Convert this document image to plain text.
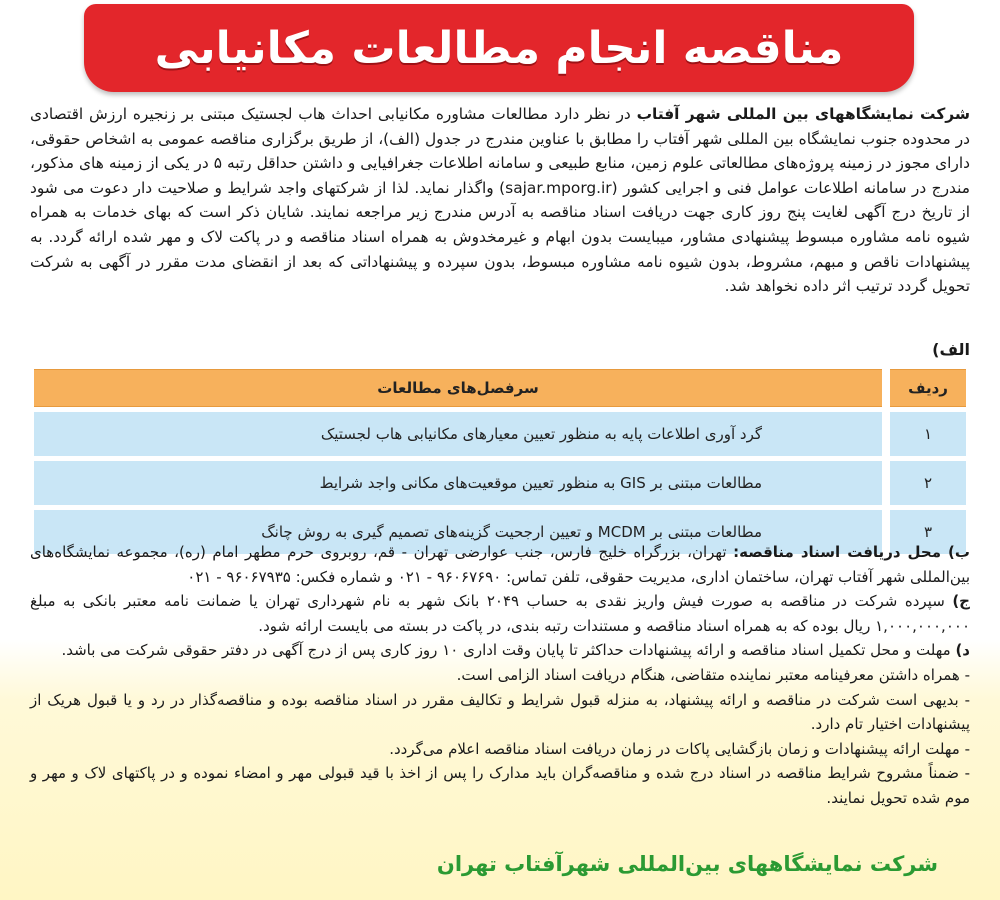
مناقصه انجام مطالعات مکانیابی
شرکت نمایشگاههای بین المللی شهر آفتاب در نظر دارد مطالعات مشاوره مکانیابی احداث هاب لجستیک مبتنی بر زنجیره ارزش اقتصادی در محدوده جنوب نمایشگاه بین المللی شهر آفتاب را مطابق با عناوین مندرج در جدول (الف)، از طریق برگزاری مناقصه عمومی به اشخاص حقوقی، دارای مجوز در زمینه پروژه‌های مطالعاتی علوم زمین، منابع طبیعی و سامانه اطلاعات جغرافیایی و داشتن حداقل رتبه ۵ در یکی از زمینه های مذکور، مندرج در سامانه اطلاعات عوامل فنی و اجرایی کشور (sajar.mporg.ir) واگذار نماید. لذا از شرکتهای واجد شرایط و صلاحیت دار دعوت می شود از تاریخ درج آگهی لغایت پنج روز کاری جهت دریافت اسناد مناقصه به آدرس مندرج زیر مراجعه نمایند. شایان ذکر است که بهای خدمات به همراه شیوه نامه مشاوره مبسوط پیشنهادی مشاور، میبایست بدون ابهام و غیرمخدوش به همراه اسناد مناقصه و در پاکت لاک و مهر شده ارائه گردد. به پیشنهادات ناقص و مبهم، مشروط، بدون شیوه نامه مشاوره مبسوط، بدون سپرده و پیشنهاداتی که بعد از انقضای مدت مقرر در آگهی به شرکت تحویل گردد ترتیب اثر داده نخواهد شد.
الف)
ردیف		سرفصل‌های مطالعات
۱		گرد آوری اطلاعات پایه به منظور تعیین معیارهای مکانیابی هاب لجستیک
۲		مطالعات مبتنی بر GIS به منظور تعیین موقعیت‌های مکانی واجد شرایط
۳		مطالعات مبتنی بر MCDM و تعیین ارجحیت گزینه‌های تصمیم گیری به روش چانگ

ب) محل دریافت اسناد مناقصه: تهران، بزرگراه خلیج فارس، جنب عوارضی تهران - قم، روبروی حرم مطهر امام (ره)، مجموعه نمایشگاه‌های بین‌المللی شهر آفتاب تهران، ساختمان اداری، مدیریت حقوقی، تلفن تماس: ۹۶۰۶۷۶۹۰ - ۰۲۱ و شماره فکس: ۹۶۰۶۷۹۳۵ - ۰۲۱

ج) سپرده شرکت در مناقصه به صورت فیش واریز نقدی به حساب ۲۰۴۹ بانک شهر به نام شهرداری تهران یا ضمانت نامه معتبر بانکی به مبلغ ۱,۰۰۰,۰۰۰,۰۰۰ ریال بوده که به همراه اسناد مناقصه و مستندات رتبه بندی، در پاکت در بسته می بایست ارائه شود.

د) مهلت و محل تکمیل اسناد مناقصه و ارائه پیشنهادات حداکثر تا پایان وقت اداری ۱۰ روز کاری پس از درج آگهی در دفتر حقوقی شرکت می باشد.

- همراه داشتن معرفینامه معتبر نماینده متقاضی، هنگام دریافت اسناد الزامی است.

- بدیهی است شرکت در مناقصه و ارائه پیشنهاد، به منزله قبول شرایط و تکالیف مقرر در اسناد مناقصه بوده و مناقصه‌گذار در رد و یا قبول هریک از پیشنهادات اختیار تام دارد.

- مهلت ارائه پیشنهادات و زمان بازگشایی پاکات در زمان دریافت اسناد مناقصه اعلام می‌گردد.

- ضمناً مشروح شرایط مناقصه در اسناد درج شده و مناقصه‌گران باید مدارک را پس از اخذ با قید قبولی مهر و امضاء نموده و در پاکتهای لاک و مهر و موم شده تحویل نمایند.

شرکت نمایشگاههای بین‌المللی شهرآفتاب تهران
